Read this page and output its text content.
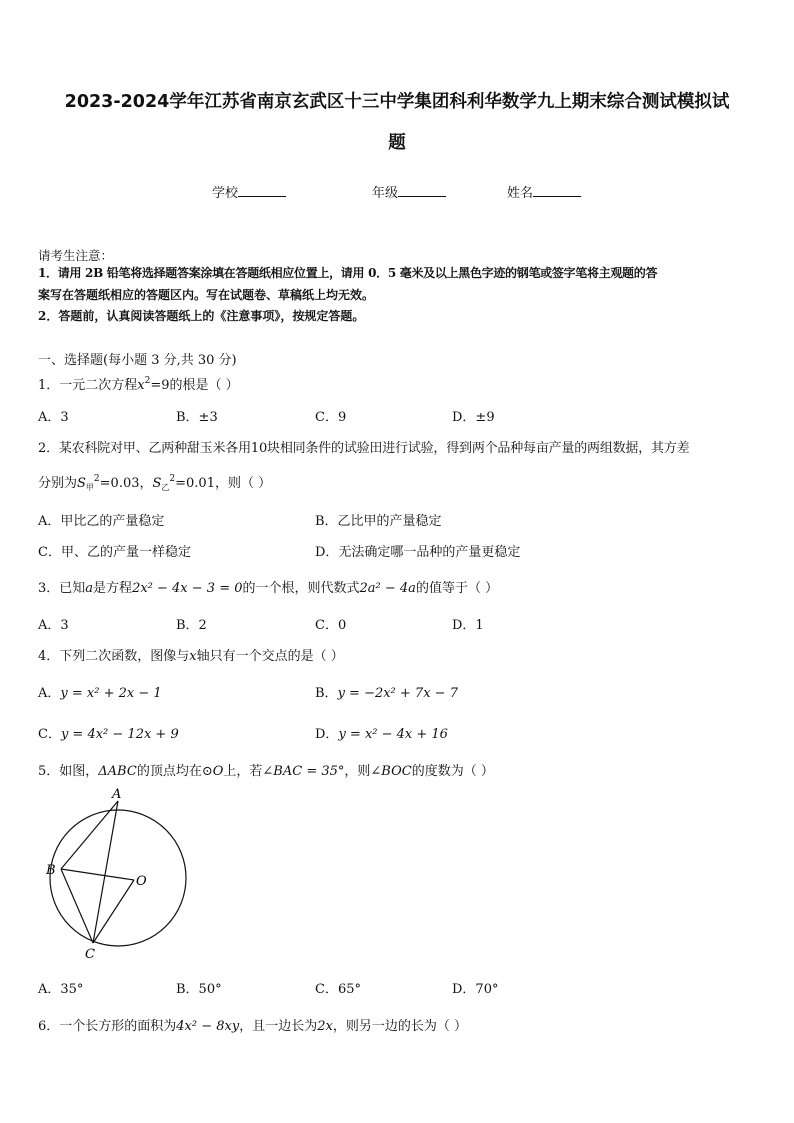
2023-2024学年江苏省南京玄武区十三中学集团科利华数学九上期末综合测试模拟试
题
学校	年级	姓名
请考生注意：
1．请用 2B 铅笔将选择题答案涂填在答题纸相应位置上，请用 0．5 毫米及以上黑色字迹的钢笔或签字笔将主观题的答
案写在答题纸相应的答题区内。写在试题卷、草稿纸上均无效。
2．答题前，认真阅读答题纸上的《注意事项》，按规定答题。
一、选择题(每小题 3 分,共 30 分)
1．一元二次方程$x^2=9$的根是（ ）
A．3	B．±3	C．9	D．±9
2．某农科院对甲、乙两种甜玉米各用10块相同条件的试验田进行试验，得到两个品种每亩产量的两组数据，其方差
分别为$S_甲^2=0.03$，$S_乙^2=0.01$，则（ ）
A．甲比乙的产量稳定	B．乙比甲的产量稳定
C．甲、乙的产量一样稳定	D．无法确定哪一品种的产量更稳定
3．已知a是方程2x² − 4x − 3 = 0的一个根，则代数式2a² − 4a的值等于（ ）
A．3	B．2	C．0	D．1
4．下列二次函数，图像与x轴只有一个交点的是（ ）
A．y = x² + 2x − 1	B．y = −2x² + 7x − 7
C．y = 4x² − 12x + 9	D．y = x² − 4x + 16
5．如图，ΔABC的顶点均在⊙O上，若∠BAC = 35°，则∠BOC的度数为（ ）
A
B
C
O
A．35°	B．50°	C．65°	D．70°
6．一个长方形的面积为4x² − 8xy，且一边长为2x，则另一边的长为（ ）
